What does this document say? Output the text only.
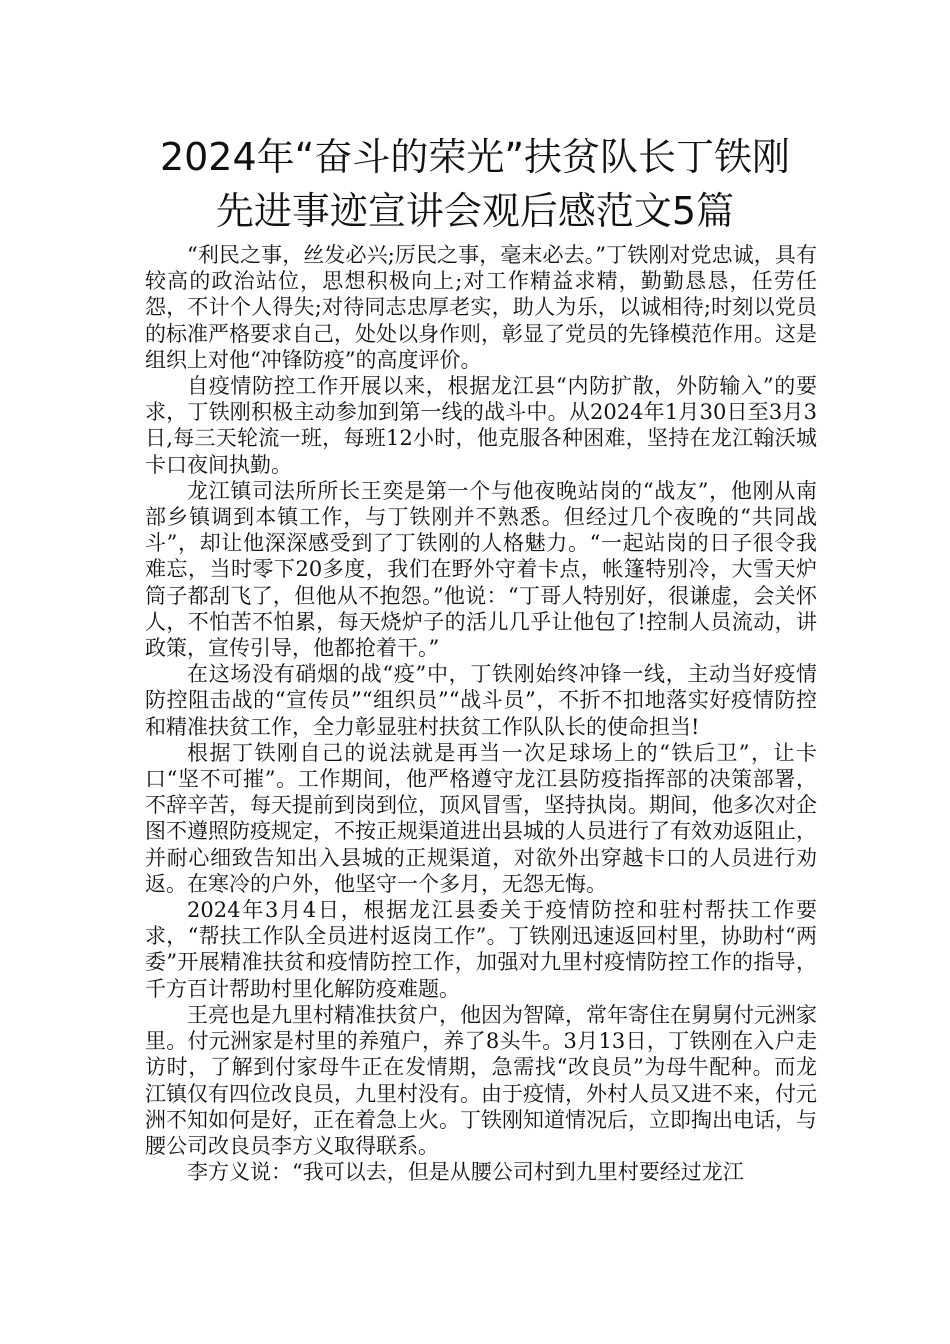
2024年“奋斗的荣光”扶贫队长丁铁刚
先进事迹宣讲会观后感范文5篇

“利民之事，丝发必兴;厉民之事，毫末必去。”丁铁刚对党忠诚，具有较高的政治站位，思想积极向上;对工作精益求精，勤勤恳恳，任劳任怨，不计个人得失;对待同志忠厚老实，助人为乐，以诚相待;时刻以党员的标准严格要求自己，处处以身作则，彰显了党员的先锋模范作用。这是组织上对他“冲锋防疫”的高度评价。

自疫情防控工作开展以来，根据龙江县“内防扩散，外防输入”的要求，丁铁刚积极主动参加到第一线的战斗中。从2024年1月30日至3月3日,每三天轮流一班，每班12小时，他克服各种困难，坚持在龙江翰沃城卡口夜间执勤。

龙江镇司法所所长王奕是第一个与他夜晚站岗的“战友”，他刚从南部乡镇调到本镇工作，与丁铁刚并不熟悉。但经过几个夜晚的“共同战斗”，却让他深深感受到了丁铁刚的人格魅力。“一起站岗的日子很令我难忘，当时零下20多度，我们在野外守着卡点，帐篷特别冷，大雪天炉筒子都刮飞了，但他从不抱怨。”他说：“丁哥人特别好，很谦虚，会关怀人，不怕苦不怕累，每天烧炉子的活儿几乎让他包了!控制人员流动，讲政策，宣传引导，他都抢着干。”

在这场没有硝烟的战“疫”中，丁铁刚始终冲锋一线，主动当好疫情防控阻击战的“宣传员”“组织员”“战斗员”，不折不扣地落实好疫情防控和精准扶贫工作，全力彰显驻村扶贫工作队队长的使命担当!

根据丁铁刚自己的说法就是再当一次足球场上的“铁后卫”，让卡口“坚不可摧”。工作期间，他严格遵守龙江县防疫指挥部的决策部署，不辞辛苦，每天提前到岗到位，顶风冒雪，坚持执岗。期间，他多次对企图不遵照防疫规定，不按正规渠道进出县城的人员进行了有效劝返阻止，并耐心细致告知出入县城的正规渠道，对欲外出穿越卡口的人员进行劝返。在寒冷的户外，他坚守一个多月，无怨无悔。

2024年3月4日，根据龙江县委关于疫情防控和驻村帮扶工作要求，“帮扶工作队全员进村返岗工作”。丁铁刚迅速返回村里，协助村“两委”开展精准扶贫和疫情防控工作，加强对九里村疫情防控工作的指导，千方百计帮助村里化解防疫难题。

王亮也是九里村精准扶贫户，他因为智障，常年寄住在舅舅付元洲家里。付元洲家是村里的养殖户，养了8头牛。3月13日，丁铁刚在入户走访时，了解到付家母牛正在发情期，急需找“改良员”为母牛配种。而龙江镇仅有四位改良员，九里村没有。由于疫情，外村人员又进不来，付元洲不知如何是好，正在着急上火。丁铁刚知道情况后，立即掏出电话，与腰公司改良员李方义取得联系。

李方义说：“我可以去，但是从腰公司村到九里村要经过龙江
